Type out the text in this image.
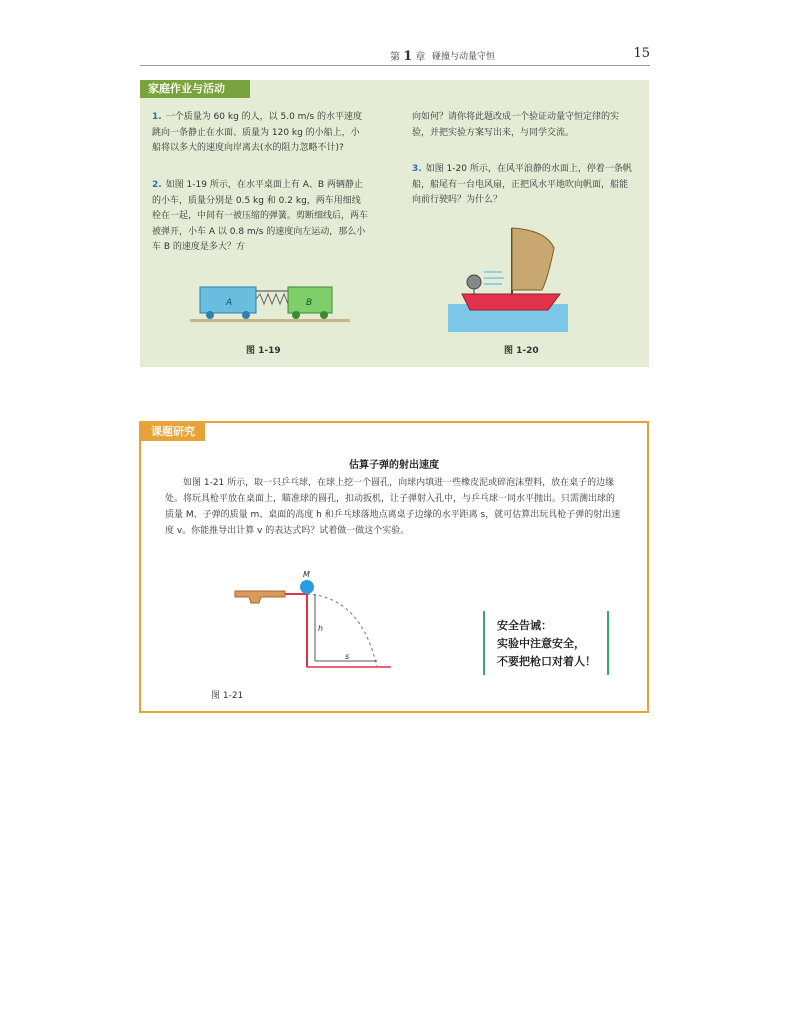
第 1 章 碰撞与动量守恒	15
家庭作业与活动
1. 一个质量为 60 kg 的人，以 5.0 m/s 的水平速度跳向一条静止在水面、质量为 120 kg 的小船上，小船将以多大的速度向岸离去(水的阻力忽略不计)?
2. 如图 1-19 所示，在水平桌面上有 A、B 两辆静止的小车，质量分别是 0.5 kg 和 0.2 kg，两车用细线栓在一起，中间有一被压缩的弹簧。剪断细线后，两车被弹开，小车 A 以 0.8 m/s 的速度向左运动，那么小车 B 的速度是多大？方
向如何？请你将此题改成一个验证动量守恒定律的实验，并把实验方案写出来，与同学交流。
3. 如图 1-20 所示，在风平浪静的水面上，停着一条帆船，船尾有一台电风扇，正把风水平地吹向帆面，船能向前行驶吗？为什么？
A	B
图 1-19	图 1-20
课题研究
估算子弹的射出速度
如图 1-21 所示，取一只乒乓球，在球上挖一个圆孔，向球内填进一些橡皮泥或碎泡沫塑料，放在桌子的边缘处。将玩具枪平放在桌面上，瞄准球的圆孔，扣动扳机，让子弹射入孔中，与乒乓球一同水平抛出。只需测出球的质量 M、子弹的质量 m、桌面的高度 h 和乒乓球落地点离桌子边缘的水平距离 s，就可估算出玩具枪子弹的射出速度 v。你能推导出计算 v 的表达式吗？试着做一做这个实验。
M
h
s
图 1-21
安全告诫：
实验中注意安全，
不要把枪口对着人！
